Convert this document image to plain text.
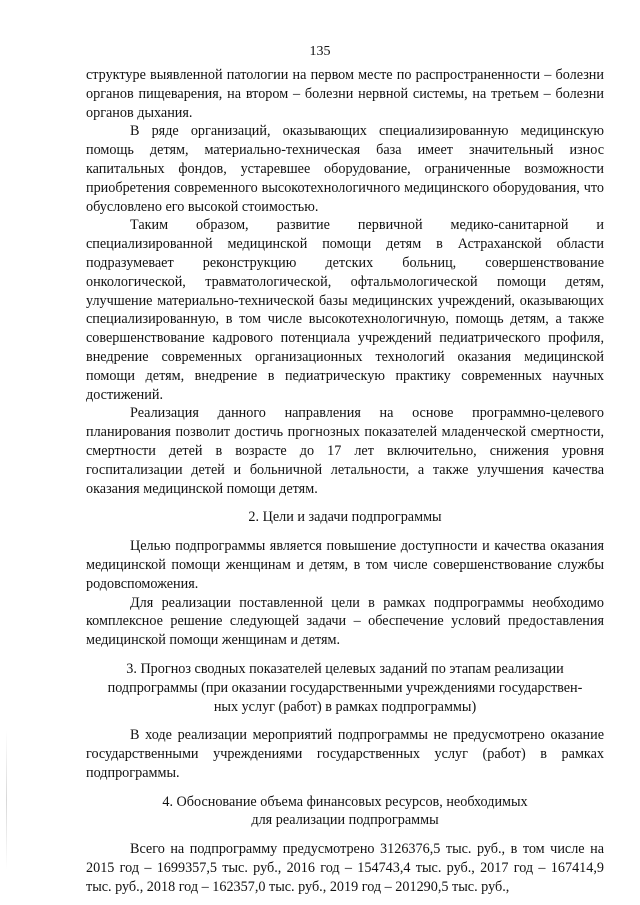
135

структуре выявленной патологии на первом месте по распространенности – болезни органов пищеварения, на втором – болезни нервной системы, на третьем – болезни органов дыхания.

В ряде организаций, оказывающих специализированную медицинскую помощь детям, материально-техническая база имеет значительный износ капитальных фондов, устаревшее оборудование, ограниченные возможности приобретения современного высокотехнологичного медицинского оборудования, что обусловлено его высокой стоимостью.

Таким образом, развитие первичной медико-санитарной и специализированной медицинской помощи детям в Астраханской области подразумевает реконструкцию детских больниц, совершенствование онкологической, травматологической, офтальмологической помощи детям, улучшение материально-технической базы медицинских учреждений, оказывающих специализированную, в том числе высокотехнологичную, помощь детям, а также совершенствование кадрового потенциала учреждений педиатрического профиля, внедрение современных организационных технологий оказания медицинской помощи детям, внедрение в педиатрическую практику современных научных достижений.

Реализация данного направления на основе программно-целевого планирования позволит достичь прогнозных показателей младенческой смертности, смертности детей в возрасте до 17 лет включительно, снижения уровня госпитализации детей и больничной летальности, а также улучшения качества оказания медицинской помощи детям.

2. Цели и задачи подпрограммы

Целью подпрограммы является повышение доступности и качества оказания медицинской помощи женщинам и детям, в том числе совершенствование службы родовспоможения.

Для реализации поставленной цели в рамках подпрограммы необходимо комплексное решение следующей задачи – обеспечение условий предоставления медицинской помощи женщинам и детям.

3. Прогноз сводных показателей целевых заданий по этапам реализации
подпрограммы (при оказании государственными учреждениями государствен-
ных услуг (работ) в рамках подпрограммы)

В ходе реализации мероприятий подпрограммы не предусмотрено оказание государственными учреждениями государственных услуг (работ) в рамках подпрограммы.

4. Обоснование объема финансовых ресурсов, необходимых
для реализации подпрограммы

Всего на подпрограмму предусмотрено 3126376,5 тыс. руб., в том числе на 2015 год – 1699357,5 тыс. руб., 2016 год – 154743,4 тыс. руб., 2017 год – 167414,9 тыс. руб., 2018 год – 162357,0 тыс. руб., 2019 год – 201290,5 тыс. руб.,
